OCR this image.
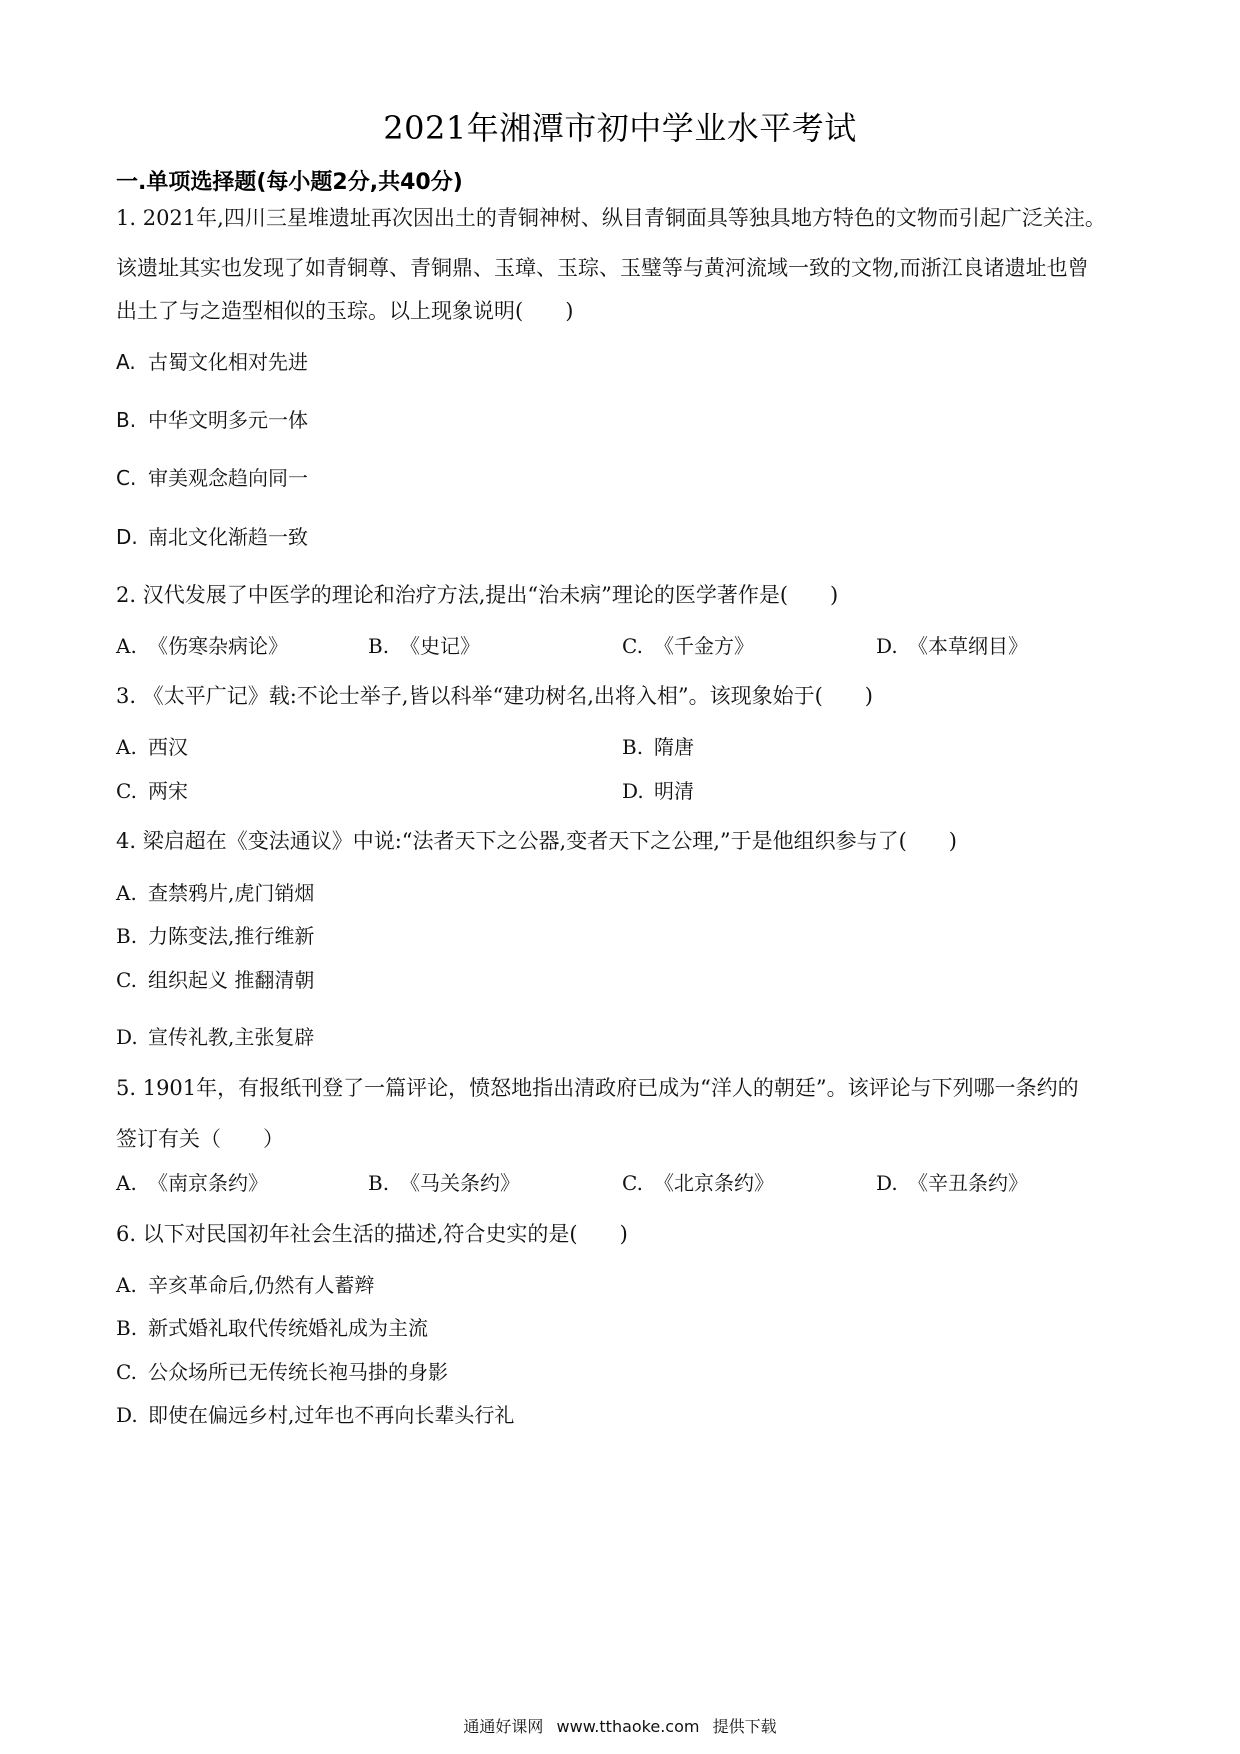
2021年湘潭市初中学业水平考试
一.单项选择题(每小题2分,共40分)
1. 2021年,四川三星堆遗址再次因出土的青铜神树、纵目青铜面具等独具地方特色的文物而引起广泛关注。
该遗址其实也发现了如青铜尊、青铜鼎、玉璋、玉琮、玉璧等与黄河流域一致的文物,而浙江良诸遗址也曾
出土了与之造型相似的玉琮。以上现象说明(　　)
A. 古蜀文化相对先进
B. 中华文明多元一体
C. 审美观念趋向同一
D. 南北文化渐趋一致
2. 汉代发展了中医学的理论和治疗方法,提出“治未病”理论的医学著作是(　　)
A. 《伤寒杂病论》	B. 《史记》	C. 《千金方》	D. 《本草纲目》
3. 《太平广记》载:不论士举子,皆以科举“建功树名,出将入相”。该现象始于(　　)
A. 西汉	B. 隋唐
C. 两宋	D. 明清
4. 梁启超在《变法通议》中说:“法者天下之公器,变者天下之公理,”于是他组织参与了(　　)
A. 查禁鸦片,虎门销烟
B. 力陈变法,推行维新
C. 组织起义 推翻清朝
D. 宣传礼教,主张复辟
5. 1901年，有报纸刊登了一篇评论，愤怒地指出清政府已成为“洋人的朝廷”。该评论与下列哪一条约的
签订有关（　　）
A. 《南京条约》	B. 《马关条约》	C. 《北京条约》	D. 《辛丑条约》
6. 以下对民国初年社会生活的描述,符合史实的是(　　)
A. 辛亥革命后,仍然有人蓄辫
B. 新式婚礼取代传统婚礼成为主流
C. 公众场所已无传统长袍马掛的身影
D. 即使在偏远乡村,过年也不再向长辈头行礼
通通好课网 www.tthaoke.com 提供下载
